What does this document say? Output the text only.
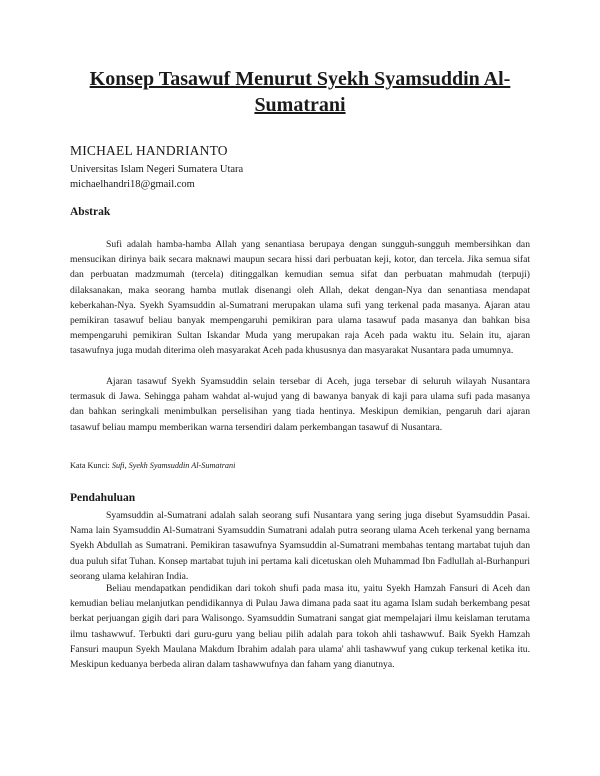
Konsep Tasawuf Menurut Syekh Syamsuddin Al-Sumatrani

MICHAEL HANDRIANTO

Universitas Islam Negeri Sumatera Utara

michaelhandri18@gmail.com

Abstrak

Sufi adalah hamba-hamba Allah yang senantiasa berupaya dengan sungguh-sungguh membersihkan dan mensucikan dirinya baik secara maknawi maupun secara hissi dari perbuatan keji, kotor, dan tercela. Jika semua sifat dan perbuatan madzmumah (tercela) ditinggalkan kemudian semua sifat dan perbuatan mahmudah (terpuji) dilaksanakan, maka seorang hamba mutlak disenangi oleh Allah, dekat dengan-Nya dan senantiasa mendapat keberkahan-Nya. Syekh Syamsuddin al-Sumatrani merupakan ulama sufi yang terkenal pada masanya. Ajaran atau pemikiran tasawuf beliau banyak mempengaruhi pemikiran para ulama tasawuf pada masanya dan bahkan bisa mempengaruhi pemikiran Sultan Iskandar Muda yang merupakan raja Aceh pada waktu itu. Selain itu, ajaran tasawufnya juga mudah diterima oleh masyarakat Aceh pada khususnya dan masyarakat Nusantara pada umumnya.

Ajaran tasawuf Syekh Syamsuddin selain tersebar di Aceh, juga tersebar di seluruh wilayah Nusantara termasuk di Jawa. Sehingga paham wahdat al-wujud yang di bawanya banyak di kaji para ulama sufi pada masanya dan bahkan seringkali menimbulkan perselisihan yang tiada hentinya. Meskipun demikian, pengaruh dari ajaran tasawuf beliau mampu memberikan warna tersendiri dalam perkembangan tasawuf di Nusantara.

Kata Kunci: Sufi, Syekh Syamsuddin Al-Sumatrani

Pendahuluan

Syamsuddin al-Sumatrani adalah salah seorang sufi Nusantara yang sering juga disebut Syamsuddin Pasai. Nama lain Syamsuddin Al-Sumatrani Syamsuddin Sumatrani adalah putra seorang ulama Aceh terkenal yang bernama Syekh Abdullah as Sumatrani. Pemikiran tasawufnya Syamsuddin al-Sumatrani membahas tentang martabat tujuh dan dua puluh sifat Tuhan. Konsep martabat tujuh ini pertama kali dicetuskan oleh Muhammad Ibn Fadlullah al-Burhanpuri seorang ulama kelahiran India.

Beliau mendapatkan pendidikan dari tokoh shufi pada masa itu, yaitu Syekh Hamzah Fansuri di Aceh dan kemudian beliau melanjutkan pendidikannya di Pulau Jawa dimana pada saat itu agama Islam sudah berkembang pesat berkat perjuangan gigih dari para Walisongo. Syamsuddin Sumatrani sangat giat mempelajari ilmu keislaman terutama ilmu tashawwuf. Terbukti dari guru-guru yang beliau pilih adalah para tokoh ahli tashawwuf. Baik Syekh Hamzah Fansuri maupun Syekh Maulana Makdum Ibrahim adalah para ulama' ahli tashawwuf yang cukup terkenal ketika itu. Meskipun keduanya berbeda aliran dalam tashawwufnya dan faham yang dianutnya.
